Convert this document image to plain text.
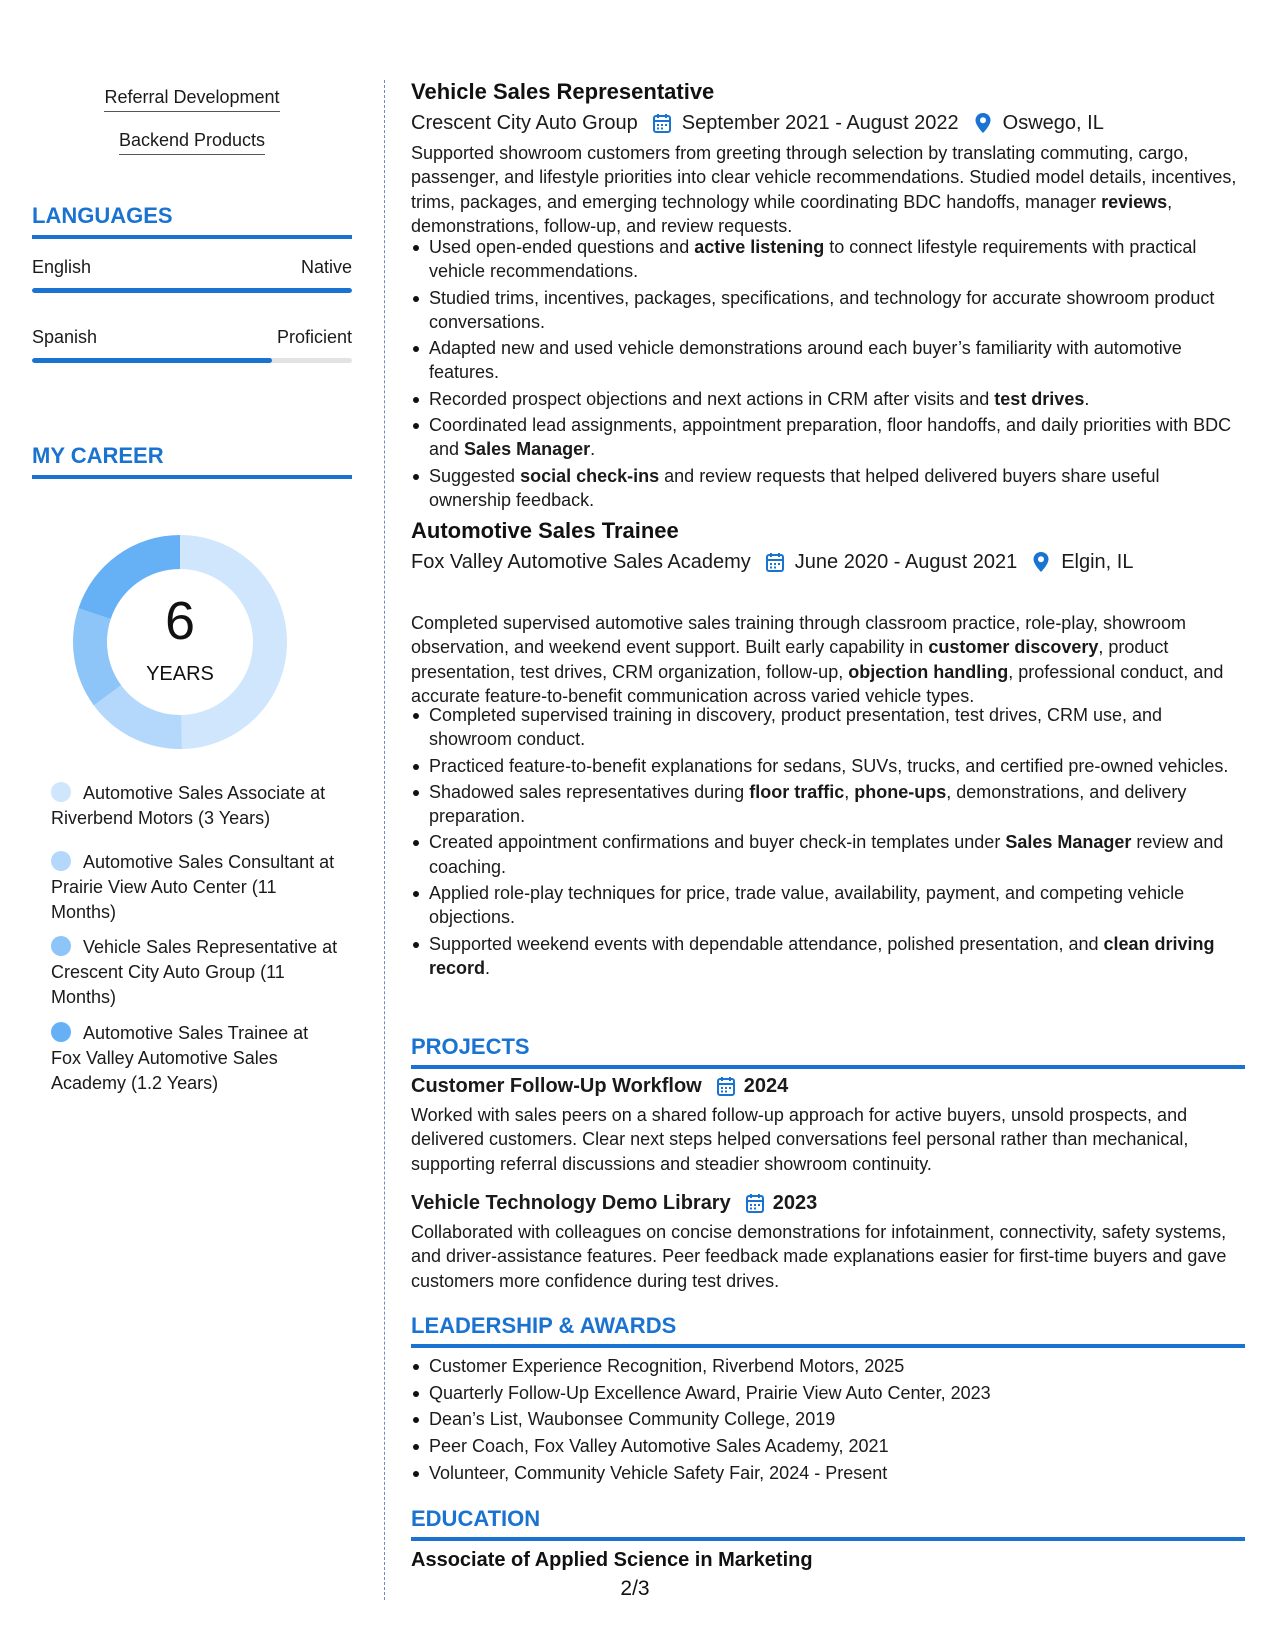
Referral Development
Backend Products
LANGUAGES
English	Native
Spanish	Proficient
MY CAREER
6
YEARS
Automotive Sales Associate at Riverbend Motors (3 Years)
Automotive Sales Consultant at Prairie View Auto Center (11 Months)
Vehicle Sales Representative at Crescent City Auto Group (11 Months)
Automotive Sales Trainee at Fox Valley Automotive Sales Academy (1.2 Years)
Vehicle Sales Representative
Crescent City Auto Group September 2021 - August 2022 Oswego, IL
Supported showroom customers from greeting through selection by translating commuting, cargo, passenger, and lifestyle priorities into clear vehicle recommendations. Studied model details, incentives, trims, packages, and emerging technology while coordinating BDC handoffs, manager reviews, demonstrations, follow-up, and review requests.
Used open-ended questions and active listening to connect lifestyle requirements with practical vehicle recommendations.
Studied trims, incentives, packages, specifications, and technology for accurate showroom product conversations.
Adapted new and used vehicle demonstrations around each buyer’s familiarity with automotive features.
Recorded prospect objections and next actions in CRM after visits and test drives.
Coordinated lead assignments, appointment preparation, floor handoffs, and daily priorities with BDC and Sales Manager.
Suggested social check-ins and review requests that helped delivered buyers share useful ownership feedback.
Automotive Sales Trainee
Fox Valley Automotive Sales Academy June 2020 - August 2021 Elgin, IL
Completed supervised automotive sales training through classroom practice, role-play, showroom observation, and weekend event support. Built early capability in customer discovery, product presentation, test drives, CRM organization, follow-up, objection handling, professional conduct, and accurate feature-to-benefit communication across varied vehicle types.
Completed supervised training in discovery, product presentation, test drives, CRM use, and showroom conduct.
Practiced feature-to-benefit explanations for sedans, SUVs, trucks, and certified pre-owned vehicles.
Shadowed sales representatives during floor traffic, phone-ups, demonstrations, and delivery preparation.
Created appointment confirmations and buyer check-in templates under Sales Manager review and coaching.
Applied role-play techniques for price, trade value, availability, payment, and competing vehicle objections.
Supported weekend events with dependable attendance, polished presentation, and clean driving record.
PROJECTS
Customer Follow-Up Workflow 2024
Worked with sales peers on a shared follow-up approach for active buyers, unsold prospects, and delivered customers. Clear next steps helped conversations feel personal rather than mechanical, supporting referral discussions and steadier showroom continuity.
Vehicle Technology Demo Library 2023
Collaborated with colleagues on concise demonstrations for infotainment, connectivity, safety systems, and driver-assistance features. Peer feedback made explanations easier for first-time buyers and gave customers more confidence during test drives.
LEADERSHIP & AWARDS
Customer Experience Recognition, Riverbend Motors, 2025
Quarterly Follow-Up Excellence Award, Prairie View Auto Center, 2023
Dean’s List, Waubonsee Community College, 2019
Peer Coach, Fox Valley Automotive Sales Academy, 2021
Volunteer, Community Vehicle Safety Fair, 2024 - Present
EDUCATION
Associate of Applied Science in Marketing
2/3
